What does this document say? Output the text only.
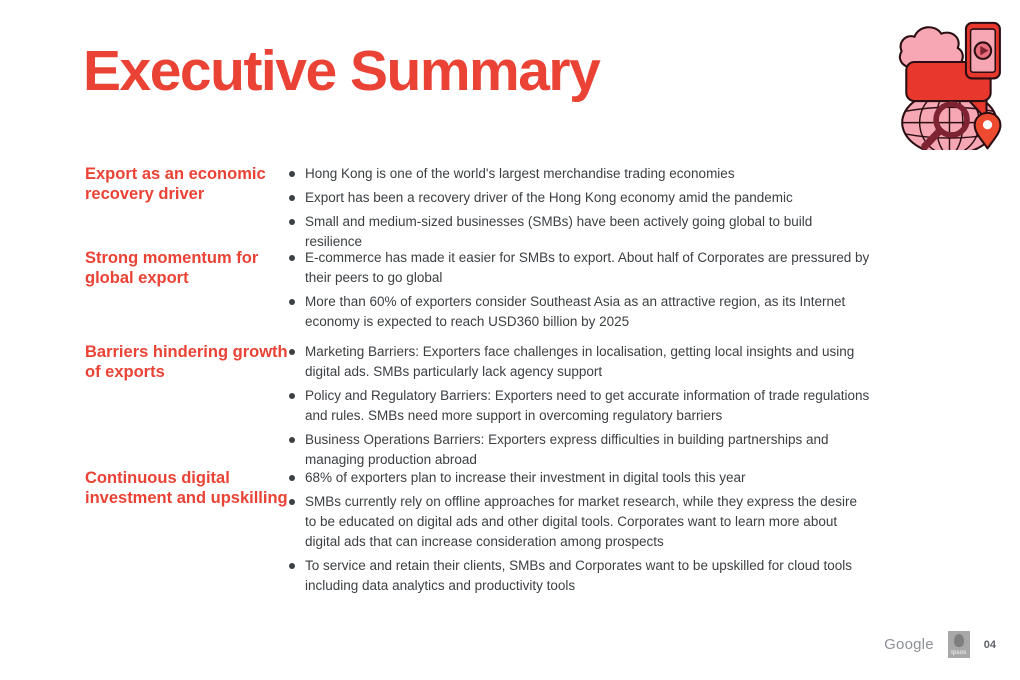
Executive Summary
Export as an economic recovery driver
Hong Kong is one of the world's largest merchandise trading economies
Export has been a recovery driver of the Hong Kong economy amid the pandemic
Small and medium-sized businesses (SMBs) have been actively going global to build resilience
Strong momentum for global export
E-commerce has made it easier for SMBs to export. About half of Corporates are pressured by their peers to go global
More than 60% of exporters consider Southeast Asia as an attractive region, as its Internet economy is expected to reach USD360 billion by 2025
Barriers hindering growth of exports
Marketing Barriers: Exporters face challenges in localisation, getting local insights and using digital ads. SMBs particularly lack agency support
Policy and Regulatory Barriers: Exporters need to get accurate information of trade regulations and rules. SMBs need more support in overcoming regulatory barriers
Business Operations Barriers: Exporters express difficulties in building partnerships and managing production abroad
Continuous digital investment and upskilling
68% of exporters plan to increase their investment in digital tools this year
SMBs currently rely on offline approaches for market research, while they express the desire to be educated on digital ads and other digital tools. Corporates want to learn more about digital ads that can increase consideration among prospects
To service and retain their clients, SMBs and Corporates want to be upskilled for cloud tools including data analytics and productivity tools
Google	Ipsos
04
